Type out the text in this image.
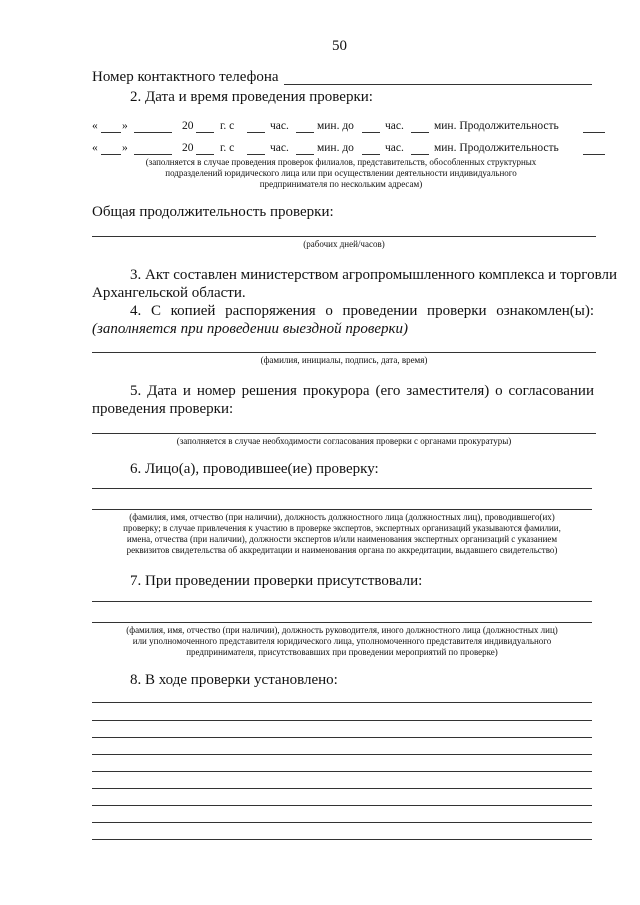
50
Номер контактного телефона
2. Дата и время проведения проверки:
« »	20 г. с	час. мин. до	час.	мин. Продолжительность
« »	20 г. с	час. мин. до	час.	мин. Продолжительность
(заполняется в случае проведения проверок филиалов, представительств, обособленных структурных
подразделений юридического лица или при осуществлении деятельности индивидуального
предпринимателя по нескольким адресам)
Общая продолжительность проверки:
(рабочих дней/часов)
3. Акт составлен министерством агропромышленного комплекса и торговли
Архангельской области.
4. С копией распоряжения о проведении проверки ознакомлен(ы):
(заполняется при проведении выездной проверки)
(фамилия, инициалы, подпись, дата, время)
5. Дата и номер решения прокурора (его заместителя) о согласовании
проведения проверки:
(заполняется в случае необходимости согласования проверки с органами прокуратуры)
6. Лицо(а), проводившее(ие) проверку:
(фамилия, имя, отчество (при наличии), должность должностного лица (должностных лиц), проводившего(их)
проверку; в случае привлечения к участию в проверке экспертов, экспертных организаций указываются фамилии,
имена, отчества (при наличии), должности экспертов и/или наименования экспертных организаций с указанием
реквизитов свидетельства об аккредитации и наименования органа по аккредитации, выдавшего свидетельство)
7. При проведении проверки присутствовали:
(фамилия, имя, отчество (при наличии), должность руководителя, иного должностного лица (должностных лиц)
или уполномоченного представителя юридического лица, уполномоченного представителя индивидуального
предпринимателя, присутствовавших при проведении мероприятий по проверке)
8. В ходе проверки установлено:
